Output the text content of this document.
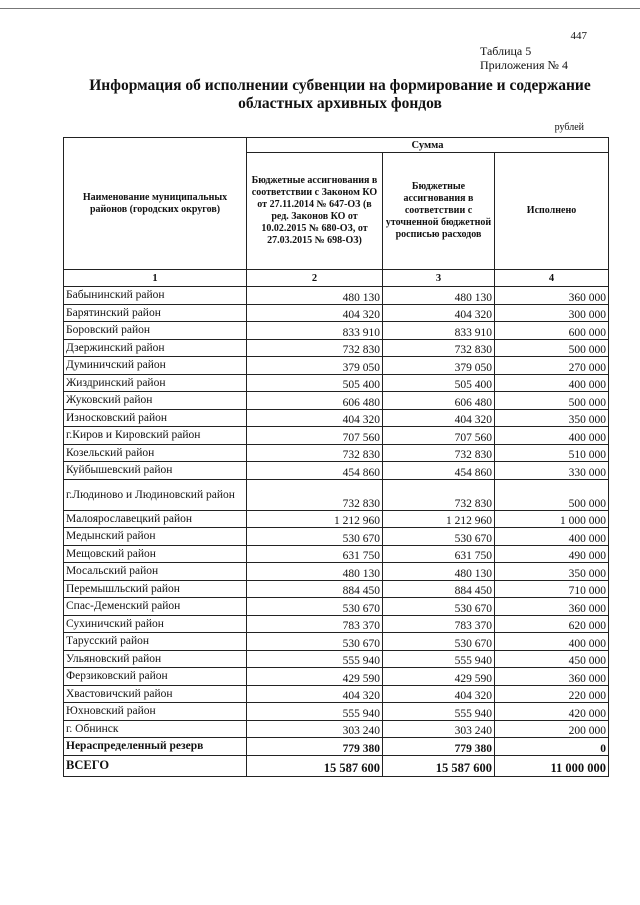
447
Таблица 5
Приложения № 4
Информация об исполнении субвенции на формирование и содержание
областных архивных фондов
рублей
Наименование муниципальных районов (городских округов)	Сумма		
	Бюджетные ассигнования в соответствии с Законом КО от 27.11.2014 № 647-ОЗ (в ред. Законов КО от 10.02.2015 № 680-ОЗ, от 27.03.2015 № 698-ОЗ)	Бюджетные ассигнования в соответствии с уточненной бюджетной росписью расходов	Исполнено
1	2	3	4
Бабынинский район	480 130	480 130	360 000
Барятинский район	404 320	404 320	300 000
Боровский район	833 910	833 910	600 000
Дзержинский район	732 830	732 830	500 000
Думиничский район	379 050	379 050	270 000
Жиздринский район	505 400	505 400	400 000
Жуковский район	606 480	606 480	500 000
Износковский район	404 320	404 320	350 000
г.Киров и Кировский район	707 560	707 560	400 000
Козельский район	732 830	732 830	510 000
Куйбышевский район	454 860	454 860	330 000
г.Людиново и Людиновский район	732 830	732 830	500 000
Малоярославецкий район	1 212 960	1 212 960	1 000 000
Медынский район	530 670	530 670	400 000
Мещовский район	631 750	631 750	490 000
Мосальский район	480 130	480 130	350 000
Перемышльский район	884 450	884 450	710 000
Спас-Деменский район	530 670	530 670	360 000
Сухиничский район	783 370	783 370	620 000
Тарусский район	530 670	530 670	400 000
Ульяновский район	555 940	555 940	450 000
Ферзиковский район	429 590	429 590	360 000
Хвастовичский район	404 320	404 320	220 000
Юхновский район	555 940	555 940	420 000
г. Обнинск	303 240	303 240	200 000
Нераспределенный резерв	779 380	779 380	0
ВСЕГО	15 587 600	15 587 600	11 000 000
